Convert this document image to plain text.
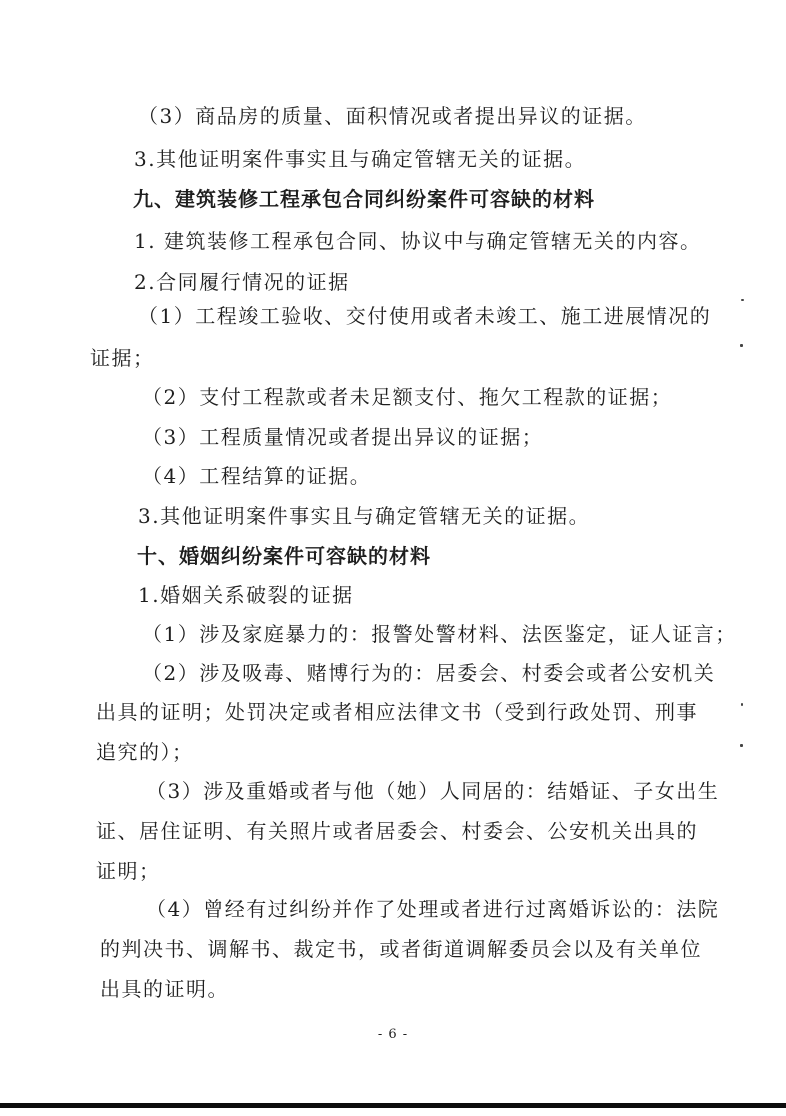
（3）商品房的质量、面积情况或者提出异议的证据。

3.其他证明案件事实且与确定管辖无关的证据。

九、建筑装修工程承包合同纠纷案件可容缺的材料

1. 建筑装修工程承包合同、协议中与确定管辖无关的内容。

2.合同履行情况的证据

（1）工程竣工验收、交付使用或者未竣工、施工进展情况的

证据；

（2）支付工程款或者未足额支付、拖欠工程款的证据；

（3）工程质量情况或者提出异议的证据；

（4）工程结算的证据。

3.其他证明案件事实且与确定管辖无关的证据。

十、婚姻纠纷案件可容缺的材料

1.婚姻关系破裂的证据

（1）涉及家庭暴力的：报警处警材料、法医鉴定，证人证言；

（2）涉及吸毒、赌博行为的：居委会、村委会或者公安机关

出具的证明；处罚决定或者相应法律文书（受到行政处罚、刑事

追究的）；

（3）涉及重婚或者与他（她）人同居的：结婚证、子女出生

证、居住证明、有关照片或者居委会、村委会、公安机关出具的

证明；

（4）曾经有过纠纷并作了处理或者进行过离婚诉讼的：法院

的判决书、调解书、裁定书，或者街道调解委员会以及有关单位

出具的证明。

- 6 -
